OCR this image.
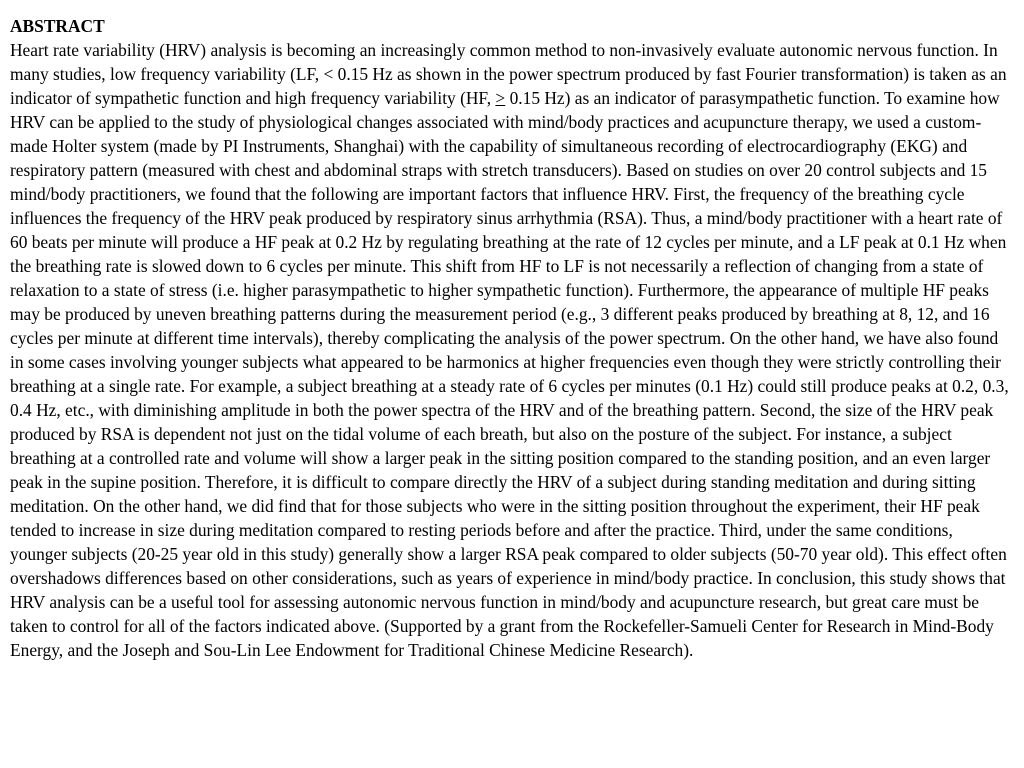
ABSTRACT

Heart rate variability (HRV) analysis is becoming an increasingly common method to non-invasively evaluate autonomic nervous function. In many studies, low frequency variability (LF, < 0.15 Hz as shown in the power spectrum produced by fast Fourier transformation) is taken as an indicator of sympathetic function and high frequency variability (HF, > 0.15 Hz) as an indicator of parasympathetic function. To examine how HRV can be applied to the study of physiological changes associated with mind/body practices and acupuncture therapy, we used a custom-made Holter system (made by PI Instruments, Shanghai) with the capability of simultaneous recording of electrocardiography (EKG) and respiratory pattern (measured with chest and abdominal straps with stretch transducers). Based on studies on over 20 control subjects and 15 mind/body practitioners, we found that the following are important factors that influence HRV. First, the frequency of the breathing cycle influences the frequency of the HRV peak produced by respiratory sinus arrhythmia (RSA). Thus, a mind/body practitioner with a heart rate of 60 beats per minute will produce a HF peak at 0.2 Hz by regulating breathing at the rate of 12 cycles per minute, and a LF peak at 0.1 Hz when the breathing rate is slowed down to 6 cycles per minute. This shift from HF to LF is not necessarily a reflection of changing from a state of relaxation to a state of stress (i.e. higher parasympathetic to higher sympathetic function). Furthermore, the appearance of multiple HF peaks may be produced by uneven breathing patterns during the measurement period (e.g., 3 different peaks produced by breathing at 8, 12, and 16 cycles per minute at different time intervals), thereby complicating the analysis of the power spectrum. On the other hand, we have also found in some cases involving younger subjects what appeared to be harmonics at higher frequencies even though they were strictly controlling their breathing at a single rate. For example, a subject breathing at a steady rate of 6 cycles per minutes (0.1 Hz) could still produce peaks at 0.2, 0.3, 0.4 Hz, etc., with diminishing amplitude in both the power spectra of the HRV and of the breathing pattern. Second, the size of the HRV peak produced by RSA is dependent not just on the tidal volume of each breath, but also on the posture of the subject. For instance, a subject breathing at a controlled rate and volume will show a larger peak in the sitting position compared to the standing position, and an even larger peak in the supine position. Therefore, it is difficult to compare directly the HRV of a subject during standing meditation and during sitting meditation. On the other hand, we did find that for those subjects who were in the sitting position throughout the experiment, their HF peak tended to increase in size during meditation compared to resting periods before and after the practice. Third, under the same conditions, younger subjects (20-25 year old in this study) generally show a larger RSA peak compared to older subjects (50-70 year old). This effect often overshadows differences based on other considerations, such as years of experience in mind/body practice. In conclusion, this study shows that HRV analysis can be a useful tool for assessing autonomic nervous function in mind/body and acupuncture research, but great care must be taken to control for all of the factors indicated above. (Supported by a grant from the Rockefeller-Samueli Center for Research in Mind-Body Energy, and the Joseph and Sou-Lin Lee Endowment for Traditional Chinese Medicine Research).
